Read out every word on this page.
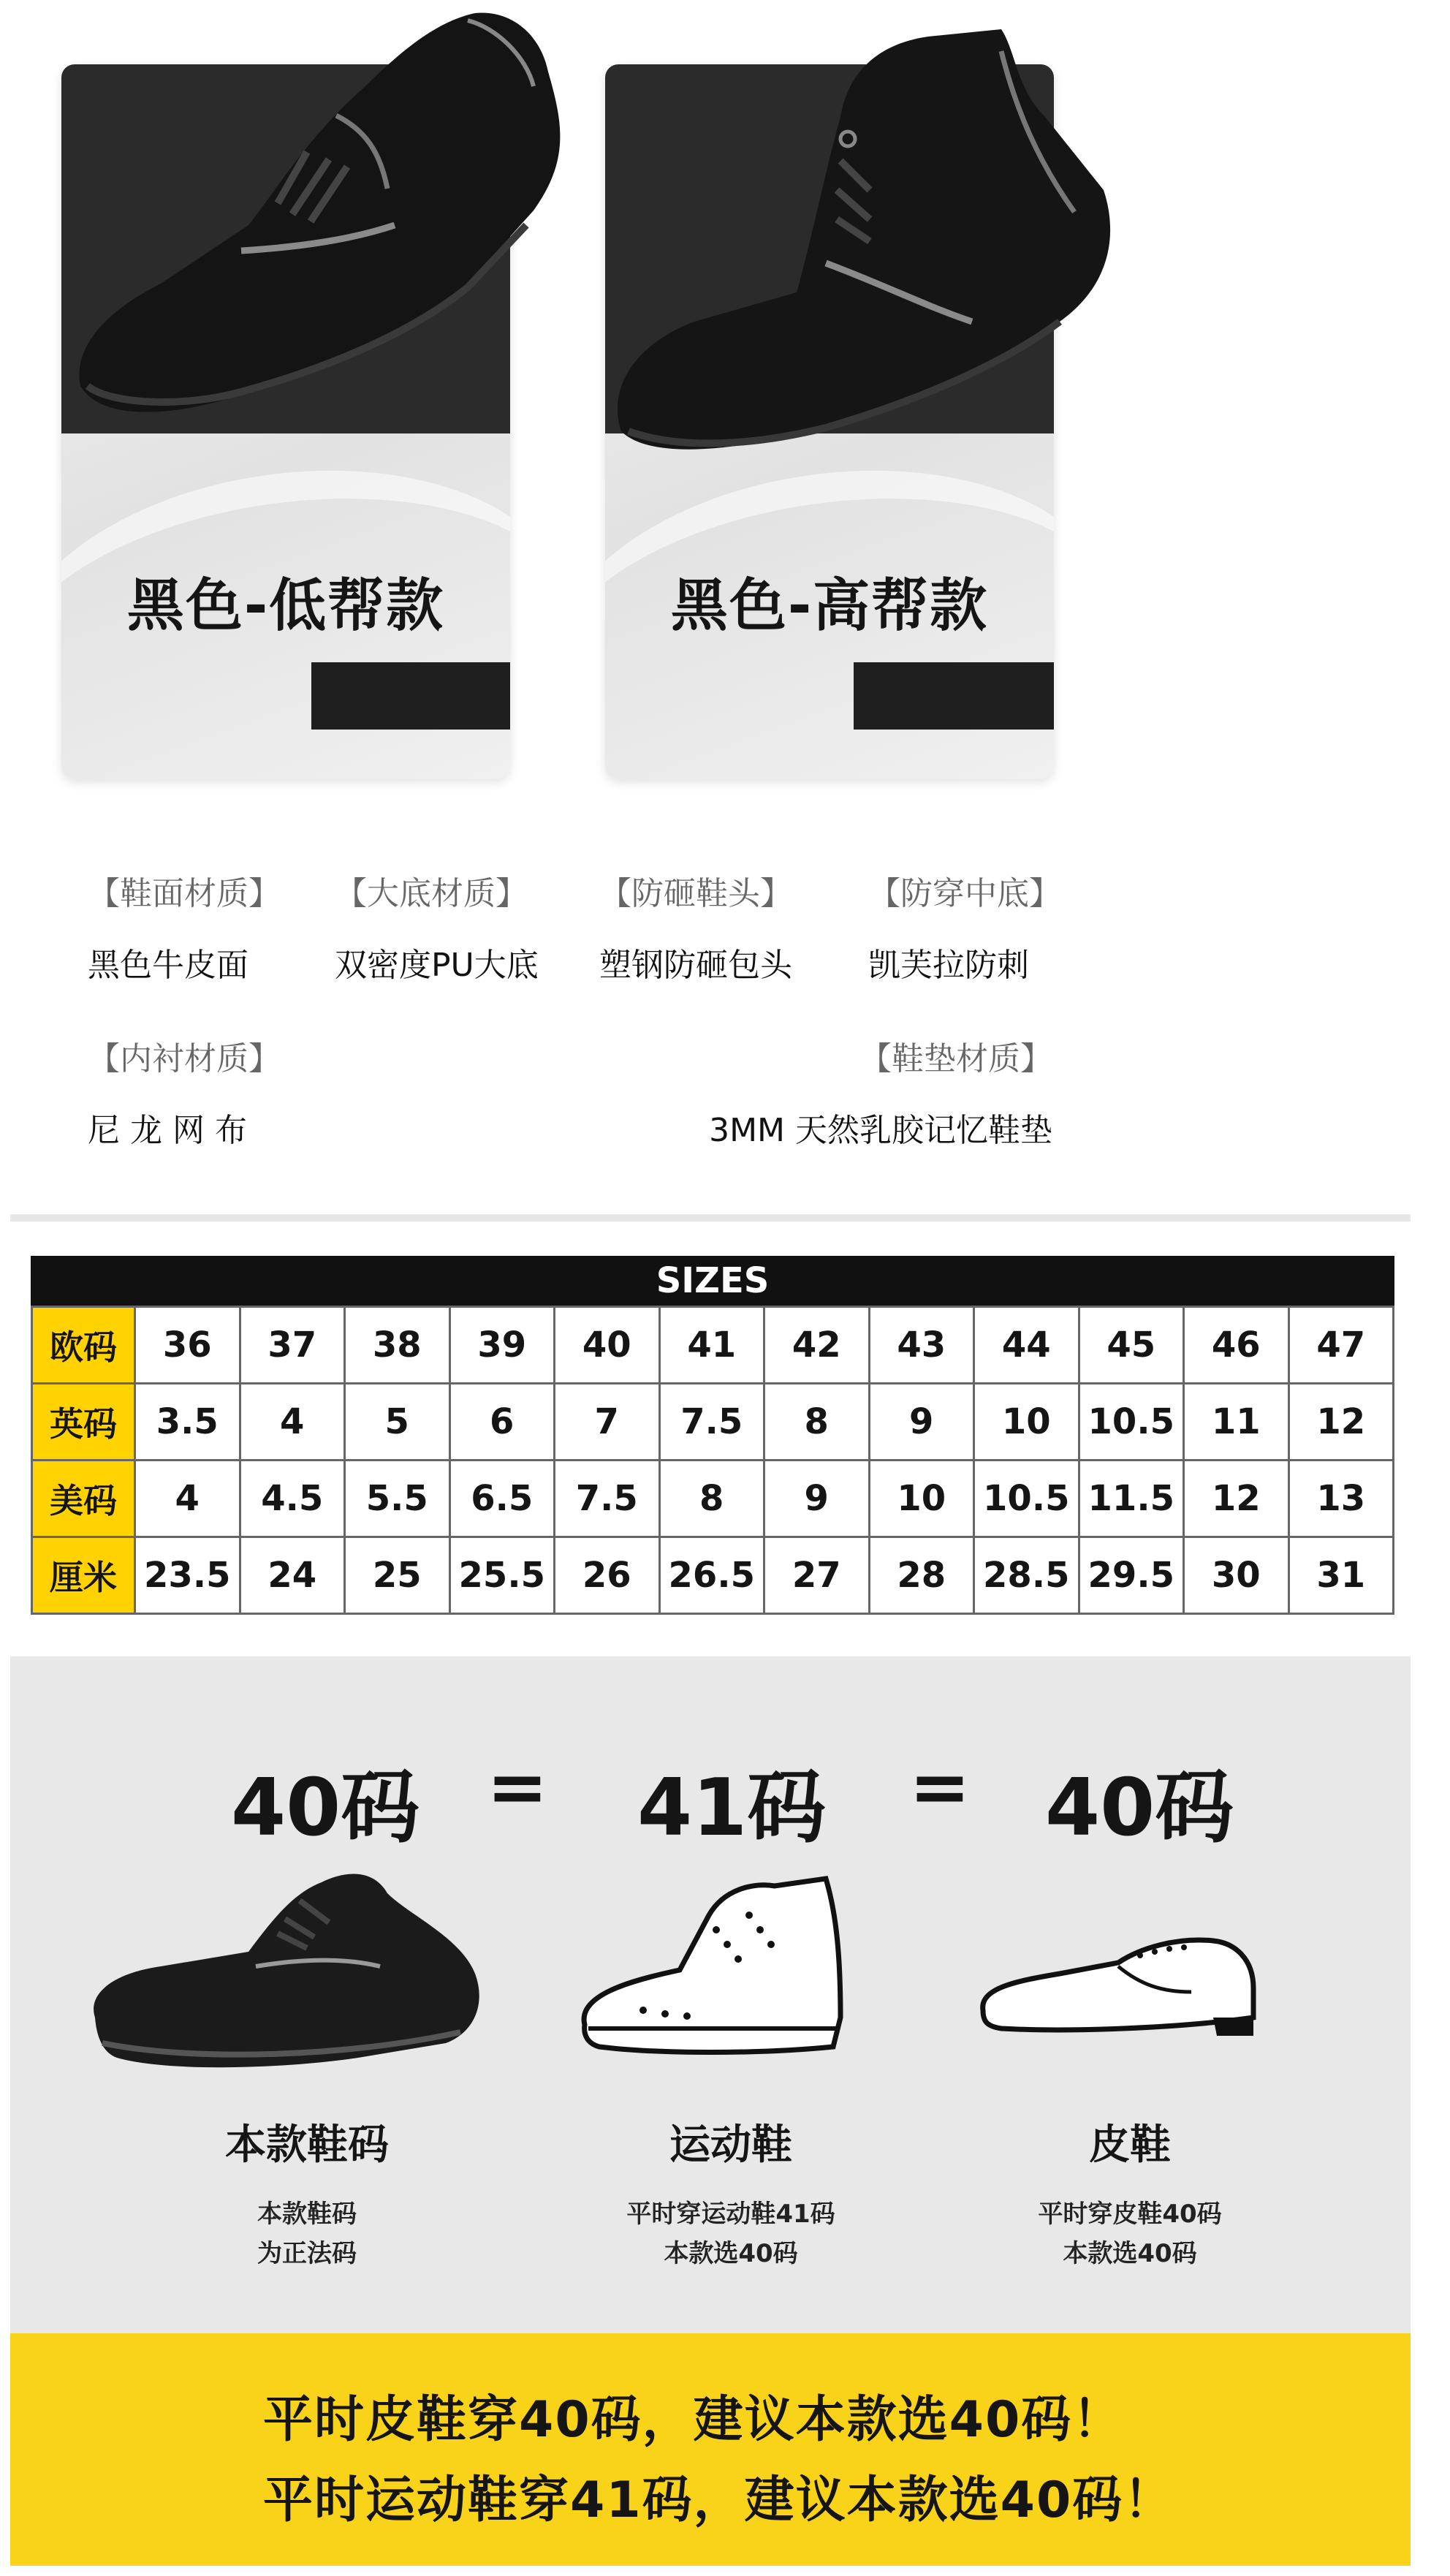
黑色-低帮款	黑色-高帮款
【鞋面材质】
黑色牛皮面
【大底材质】
双密度PU大底
【防砸鞋头】
塑钢防砸包头
【防穿中底】
凯芙拉防刺
【内衬材质】
尼 龙 网 布
【鞋垫材质】
3MM 天然乳胶记忆鞋垫
SIZES
欧码	36	37	38	39	40	41	42	43	44	45	46	47
英码	3.5	4	5	6	7	7.5	8	9	10	10.5	11	12
美码	4	4.5	5.5	6.5	7.5	8	9	10	10.5	11.5	12	13
厘米	23.5	24	25	25.5	26	26.5	27	28	28.5	29.5	30	31
40码 = 41码 = 40码
本款鞋码	运动鞋	皮鞋
本款鞋码
为正法码
平时穿运动鞋41码
本款选40码
平时穿皮鞋40码
本款选40码
平时皮鞋穿40码，建议本款选40码！
平时运动鞋穿41码，建议本款选40码！
